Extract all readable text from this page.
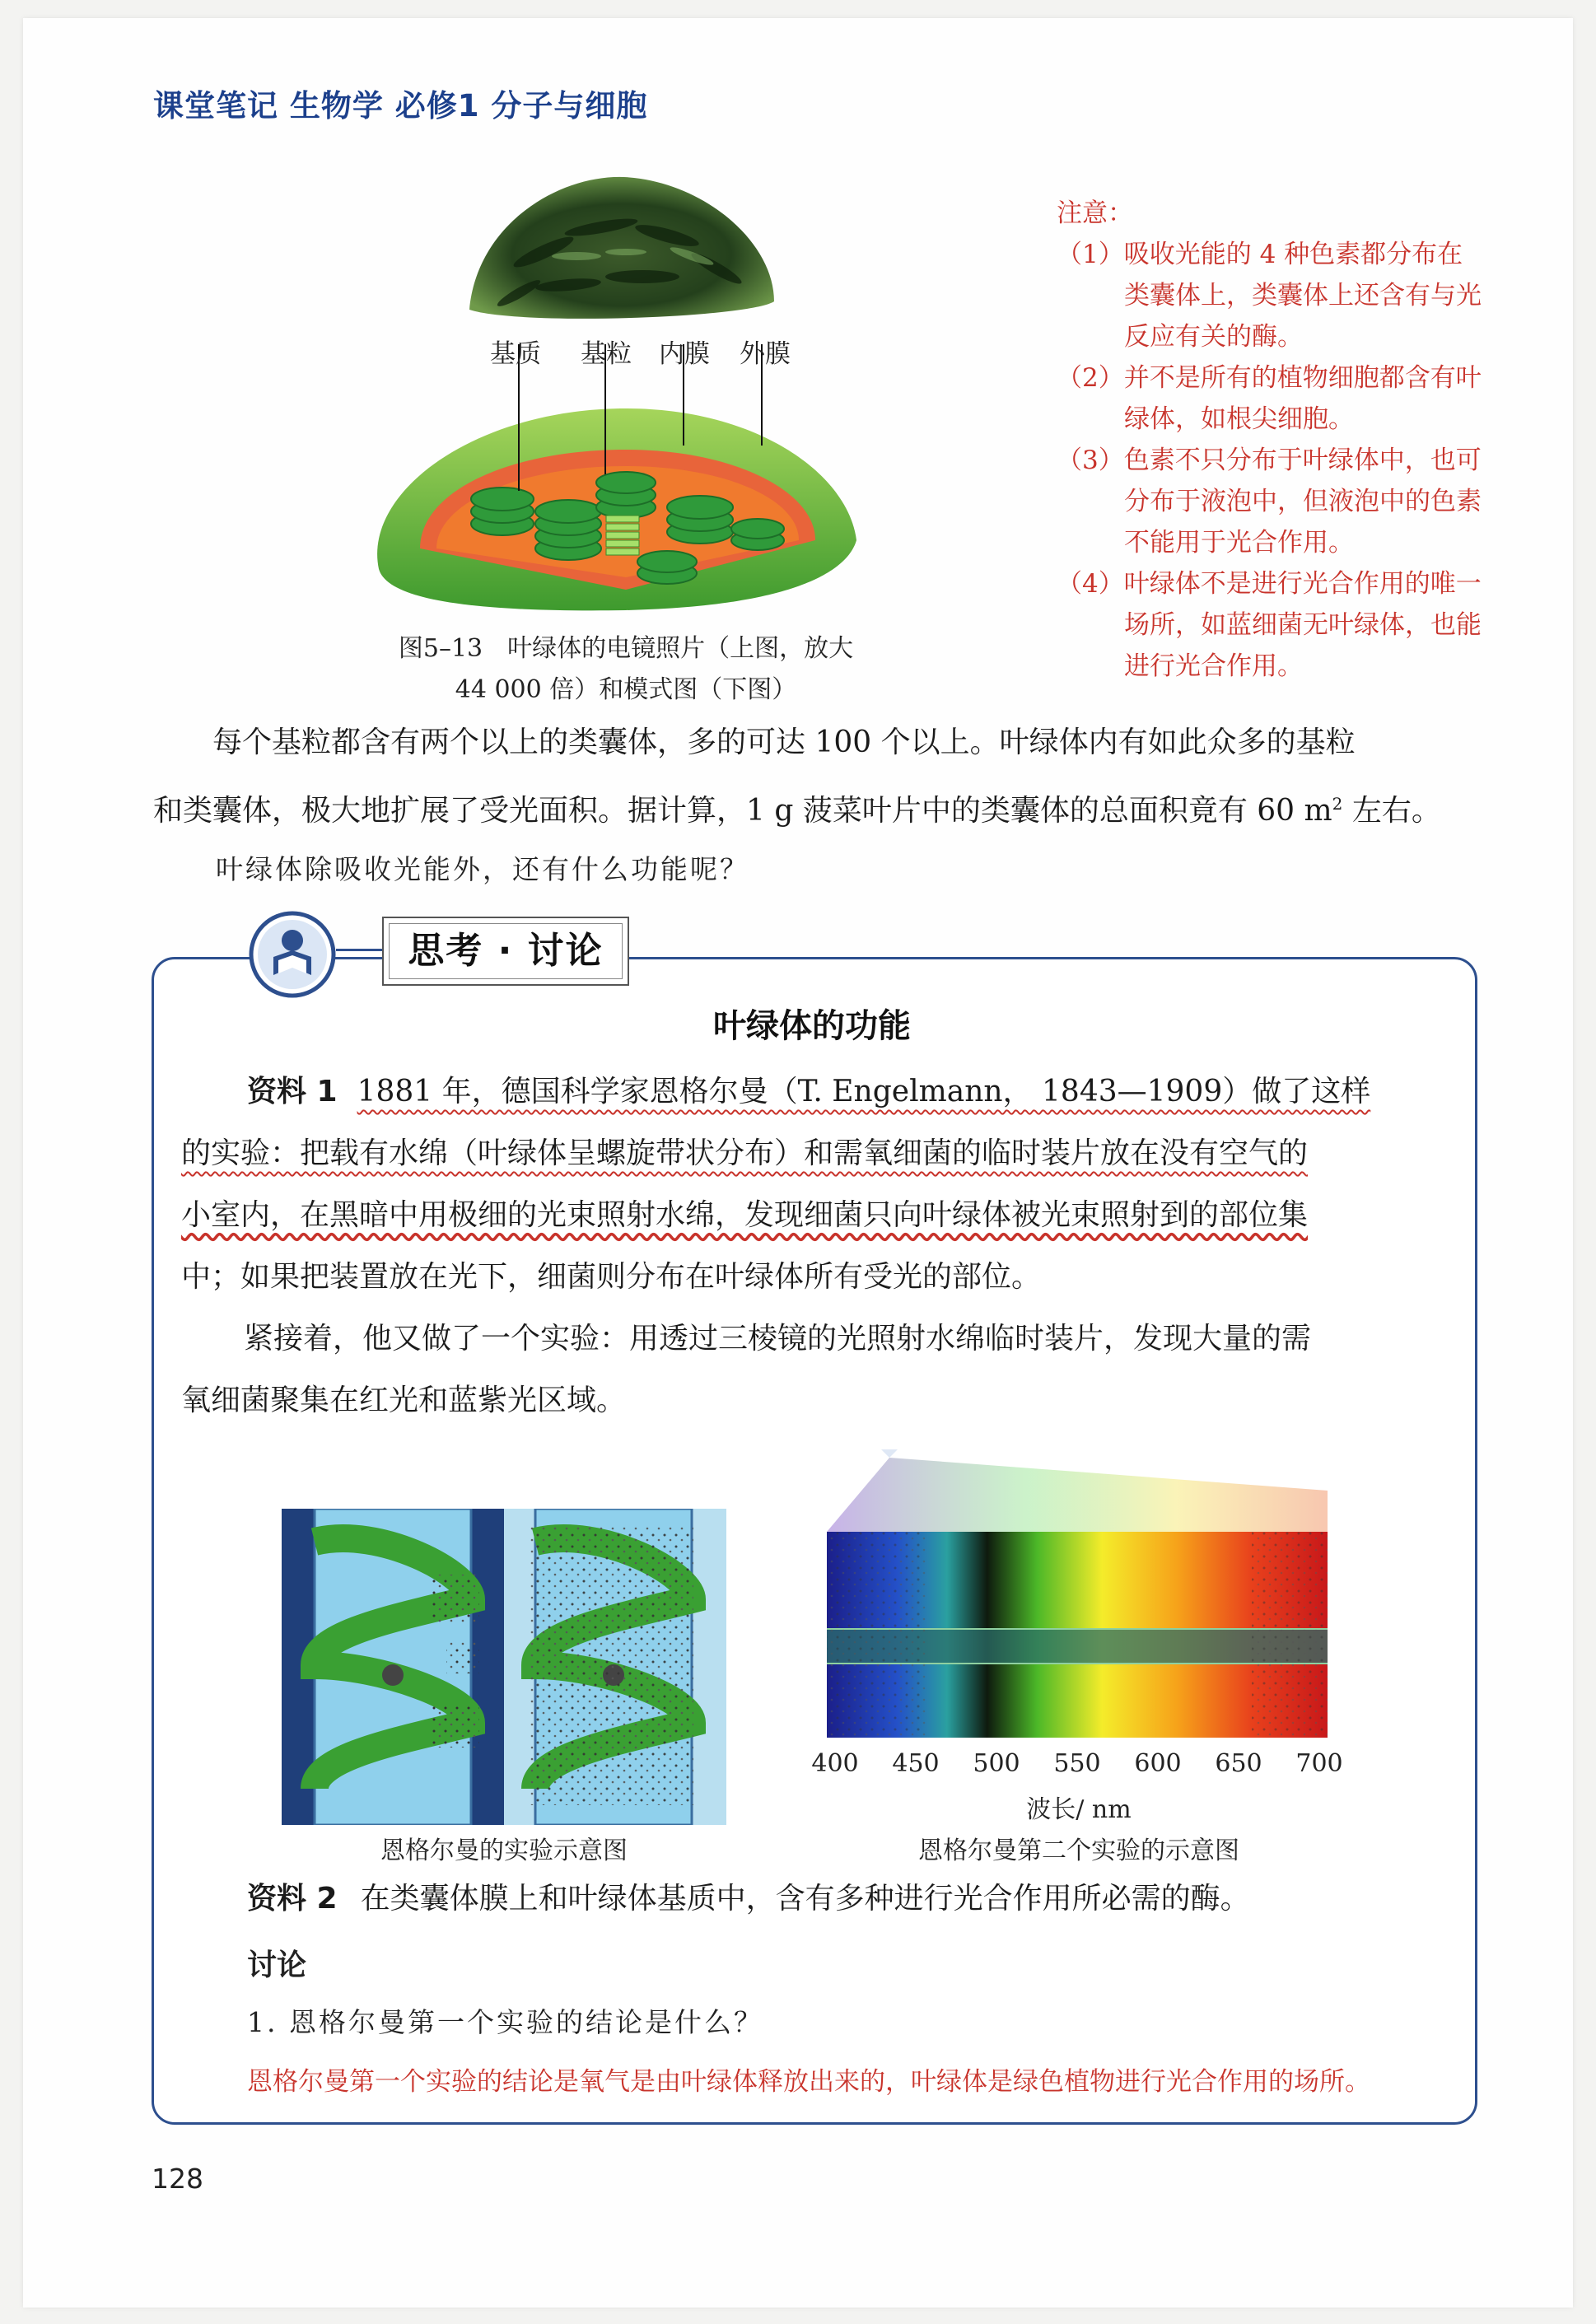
课堂笔记 生物学 必修1 分子与细胞
基质 基粒 内膜 外膜
图5–13　叶绿体的电镜照片（上图，放大
44 000 倍）和模式图（下图）
注意：
（1）吸收光能的 4 种色素都分布在类囊体上，类囊体上还含有与光反应有关的酶。
（2）并不是所有的植物细胞都含有叶绿体，如根尖细胞。
（3）色素不只分布于叶绿体中，也可分布于液泡中，但液泡中的色素不能用于光合作用。
（4）叶绿体不是进行光合作用的唯一场所，如蓝细菌无叶绿体，也能进行光合作用。
每个基粒都含有两个以上的类囊体，多的可达 100 个以上。叶绿体内有如此众多的基粒
和类囊体，极大地扩展了受光面积。据计算，1 g 菠菜叶片中的类囊体的总面积竟有 60 $m^2$ 左右。
叶绿体除吸收光能外，还有什么功能呢？
思考 · 讨论
叶绿体的功能
资料 1 1881 年，德国科学家恩格尔曼（T. Engelmann， 1843—1909）做了这样
的实验：把载有水绵（叶绿体呈螺旋带状分布）和需氧细菌的临时装片放在没有空气的
小室内，在黑暗中用极细的光束照射水绵，发现细菌只向叶绿体被光束照射到的部位集
中；如果把装置放在光下，细菌则分布在叶绿体所有受光的部位。
紧接着，他又做了一个实验：用透过三棱镜的光照射水绵临时装片，发现大量的需
氧细菌聚集在红光和蓝紫光区域。
恩格尔曼的实验示意图
400 450 500 550 600 650 700
波长/ nm
恩格尔曼第二个实验的示意图
资料 2 在类囊体膜上和叶绿体基质中，含有多种进行光合作用所必需的酶。
讨论
1. 恩格尔曼第一个实验的结论是什么？
恩格尔曼第一个实验的结论是氧气是由叶绿体释放出来的，叶绿体是绿色植物进行光合作用的场所。
128
